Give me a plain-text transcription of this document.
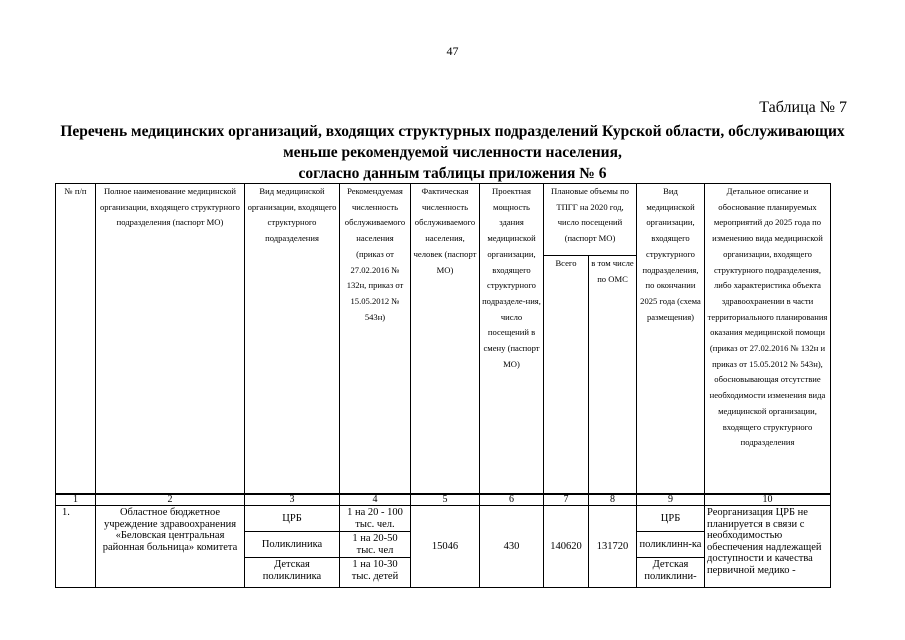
47
Таблица № 7
Перечень медицинских организаций, входящих структурных подразделений Курской области, обслуживающих
меньше рекомендуемой численности населения,
согласно данным таблицы приложения № 6
№ п/п	Полное наименование медицинской организации, входящего структурного подразделения (паспорт МО)	Вид медицинской организации, входящего структурного подразделения	Рекомендуемая численность обслуживаемого населения (приказ от 27.02.2016 № 132н, приказ от 15.05.2012 № 543н)	Фактическая численность обслуживаемого населения, человек (паспорт МО)	Проектная мощность здания медицинской организации, входящего структурного подразделе-ния, число посещений в смену (паспорт МО)	Плановые объемы по ТПГГ на 2020 год, число посещений (паспорт МО)		Вид медицинской организации, входящего структурного подразделения, по окончании 2025 года (схема размещения)	Детальное описание и обоснование планируемых мероприятий до 2025 года по изменению вида медицинской организации, входящего структурного подразделения, либо характеристика объекта здравоохранении в части территориального планирования оказания медицинской помощи (приказ от 27.02.2016 № 132н и приказ от 15.05.2012 № 543н), обосновывающая отсутствие необходимости изменения вида медицинской организации, входящего структурного подразделения
						Всего	в том числе по ОМС		
1	2	3	4	5	6	7	8	9	10
1.	Областное бюджетное учреждение здравоохранения «Беловская центральная районная больница» комитета	ЦРБ	1 на 20 - 100 тыс. чел.	15046	430	140620	131720	ЦРБ	Реорганизация ЦРБ не планируется в связи с необходимостью обеспечения надлежащей доступности и качества первичной медико -
		Поликлиника	1 на 20-50 тыс. чел					поликлинн-ка	
		Детская поликлиника	1 на 10-30 тыс. детей					Детская поликлини-	
